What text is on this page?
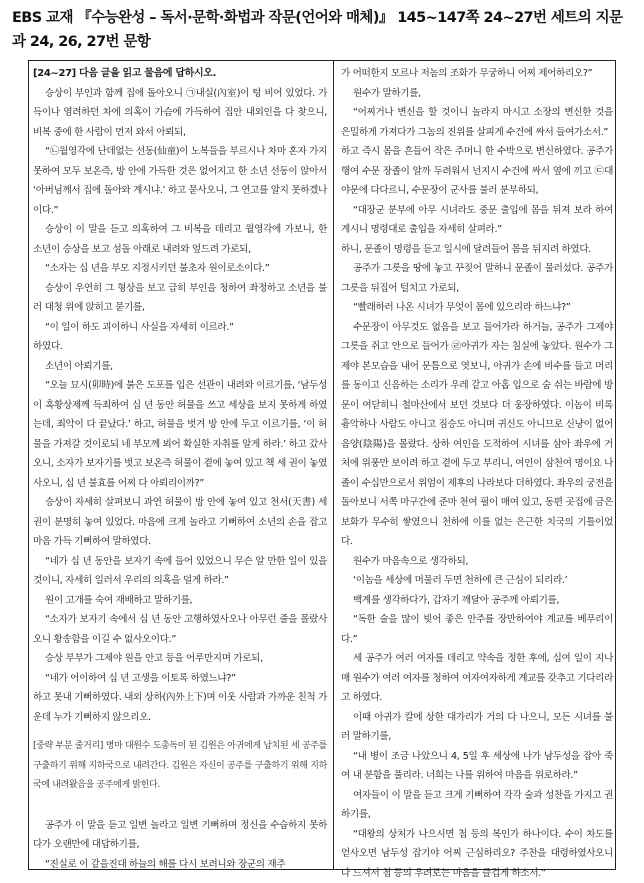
EBS 교재 『수능완성 – 독서·문학·화법과 작문(언어와 매체)』 145~147쪽 24~27번 세트의 지문과 24, 26, 27번 문항

[24~27] 다음 글을 읽고 물음에 답하시오.

승상이 부인과 함께 집에 돌아오니 ㉠내실(內室)이 텅 비어 있었다. 가득이나 염려하던 차에 의혹이 가슴에 가득하여 집안 내외인을 다 찾으니, 비복 중에 한 사람이 먼저 와서 아뢰되,

“㉡월영각에 난데없는 선동(仙童)이 노복들을 부르시나 차마 혼자 가지 못하여 모두 보온즉, 방 안에 가득한 것은 없어지고 한 소년 선동이 앉아서 ‘아버님께서 집에 돌아와 계시냐.’ 하고 묻사오니, 그 연고를 알지 못하겠나이다.”

승상이 이 말을 듣고 의혹하여 그 비복을 데리고 월영각에 가보니, 한 소년이 승상을 보고 섬돌 아래로 내려와 엎드려 가로되,

“소자는 십 년을 부모 지정시키던 불초자 원이로소이다.”

승상이 우연히 그 형상을 보고 급히 부인을 청하여 좌정하고 소년을 불러 대청 위에 앉히고 묻기를,

“이 일이 하도 괴이하니 사실을 자세히 이르라.”

하였다.

소년이 아뢰기를,

“오늘 묘시(卯時)에 붉은 도포를 입은 선관이 내려와 이르기를, ‘남두성이 흑황상제께 득죄하여 십 년 동안 허물을 쓰고 세상을 보지 못하게 하였는데, 죄악이 다 끝났다.’ 하고, 허물을 벗겨 방 안에 두고 이르기를, ‘이 허물을 가져갈 것이로되 네 부모께 뵈어 확실한 자취를 알게 하라.’ 하고 갔사오니, 소자가 보자기를 벗고 보온즉 허물이 곁에 놓여 있고 책 세 권이 놓였사오니, 십 년 불효를 어찌 다 아뢰리이까?”

승상이 자세히 살펴보니 과연 허물이 방 안에 놓여 있고 천서(天書) 세 권이 분명히 놓여 있었다. 마음에 크게 놀라고 기뻐하여 소년의 손을 잡고 마음 가득 기뻐하여 말하였다.

“네가 십 년 동안을 보자기 속에 들어 있었으니 무슨 알 만한 일이 있을 것이니, 자세히 일러서 우리의 의혹을 덜게 하라.”

원이 고개를 숙여 재배하고 말하기를,

“소자가 보자기 속에서 십 년 동안 고행하였사오나 아무런 줄을 몰랐사오니 황송함을 이길 수 없사오이다.”

승상 부부가 그제야 원을 안고 등을 어루만지며 가로되,

“네가 어이하여 십 년 고생을 이토록 하였느냐?”

하고 못내 기뻐하였다. 내외 상하(內外上下)며 이웃 사람과 가까운 친척 가운데 누가 기뻐하지 않으리오.

[중략 부분 줄거리] 병마 대원수 도총독이 된 김원은 아귀에게 납치된 세 공주를 구출하기 위해 지하국으로 내려간다. 김원은 자신이 공주를 구출하기 위해 지하국에 내려왔음을 공주에게 밝힌다.

공주가 이 말을 듣고 일변 놀라고 일변 기뻐하며 정신을 수습하지 못하다가 오랜만에 대답하기를,

“진실로 이 같을진대 하늘의 해를 다시 보려니와 장군의 재주

가 어떠한지 모르나 저놈의 조화가 무궁하니 어찌 제어하리오?”

원수가 말하기를,

“어찌거나 변신을 할 것이니 놀라지 마시고 소장의 변신한 것을 은밀하게 가져다가 그놈의 진위를 살피게 수건에 싸서 들여가소서.”

하고 즉시 몸을 흔들어 작은 주머니 한 수박으로 변신하였다. 공주가 행여 수문 장졸이 알까 두려워서 넌지시 수건에 싸서 옆에 끼고 ㉢대야문에 다다르니, 수문장이 군사를 불러 분부하되,

“대장군 분부에 아무 시녀라도 중문 출입에 몸을 뒤져 보라 하여 계시니 명령대로 출입을 자세히 살펴라.”

하니, 문졸이 명령을 듣고 일시에 달려들어 몸을 뒤지려 하였다.

공주가 그릇을 땅에 놓고 꾸짖어 말하니 문졸이 물러섰다. 공주가 그릇을 뒤집어 털치고 가로되,

“빨래하러 나온 시녀가 무엇이 몸에 있으리라 하느냐?”

수문장이 아무것도 없음을 보고 들어가라 하거늘, 공주가 그제야 그릇을 쥐고 안으로 들어가 ㉣아귀가 자는 침실에 놓았다. 원수가 그제야 본모습을 내어 문틈으로 엿보니, 아귀가 손에 비수를 들고 머리를 동이고 신음하는 소리가 우레 같고 아홉 입으로 숨 쉬는 바람에 방문이 여닫히니 철마산에서 보던 것보다 더 웅장하였다. 이놈이 비록 흉악하나 사람도 아니고 짐승도 아니며 귀신도 아니므로 신냥이 없어 음양(陰陽)을 몰랐다. 상하 여인을 도적하여 시녀를 삼아 좌우에 거처에 위풍만 보이려 하고 곁에 두고 부리니, 여인이 삼천여 명이요 나졸이 수십만으로서 위엄이 제후의 나라보다 더하였다. 좌우의 궁전을 돌아보니 서쪽 마구간에 준마 천여 필이 매여 있고, 동편 곳집에 금은보화가 무수히 쌓였으니 천하에 이를 없는 은근한 치국의 기틀이었다.

원수가 마음속으로 생각하되,

‘이놈을 세상에 머물러 두면 천하에 큰 근심이 되리라.’

백계를 생각하다가, 갑자기 깨달아 공주께 아뢰기를,

“독한 술을 많이 빚어 좋은 안주를 장만하여야 계교를 베푸리이다.”

세 공주가 여러 여자를 데리고 약속을 정한 후에, 십여 일이 지나매 원수가 여러 여자를 청하여 여자여자하게 계교를 갖추고 기다리라고 하였다.

이때 아귀가 칼에 상한 대가리가 거의 다 나으니, 모든 시녀를 불러 말하기를,

“내 병이 조금 나았으니 4, 5일 후 세상에 나가 남두성을 잡아 죽여 내 분함을 풀리라. 너희는 나를 위하여 마음을 위로하라.”

여자들이 이 말을 듣고 크게 기뻐하여 각각 술과 성찬을 가지고 권하기를,

“대왕의 상처가 나으시면 첩 등의 복인가 하나이다. 수이 차도를 얻사오면 남두성 잡기야 어찌 근심하리오? 주찬을 대령하였사오니 다 드셔서 첩 등의 우려로는 마음을 즐겁게 하소서.”
